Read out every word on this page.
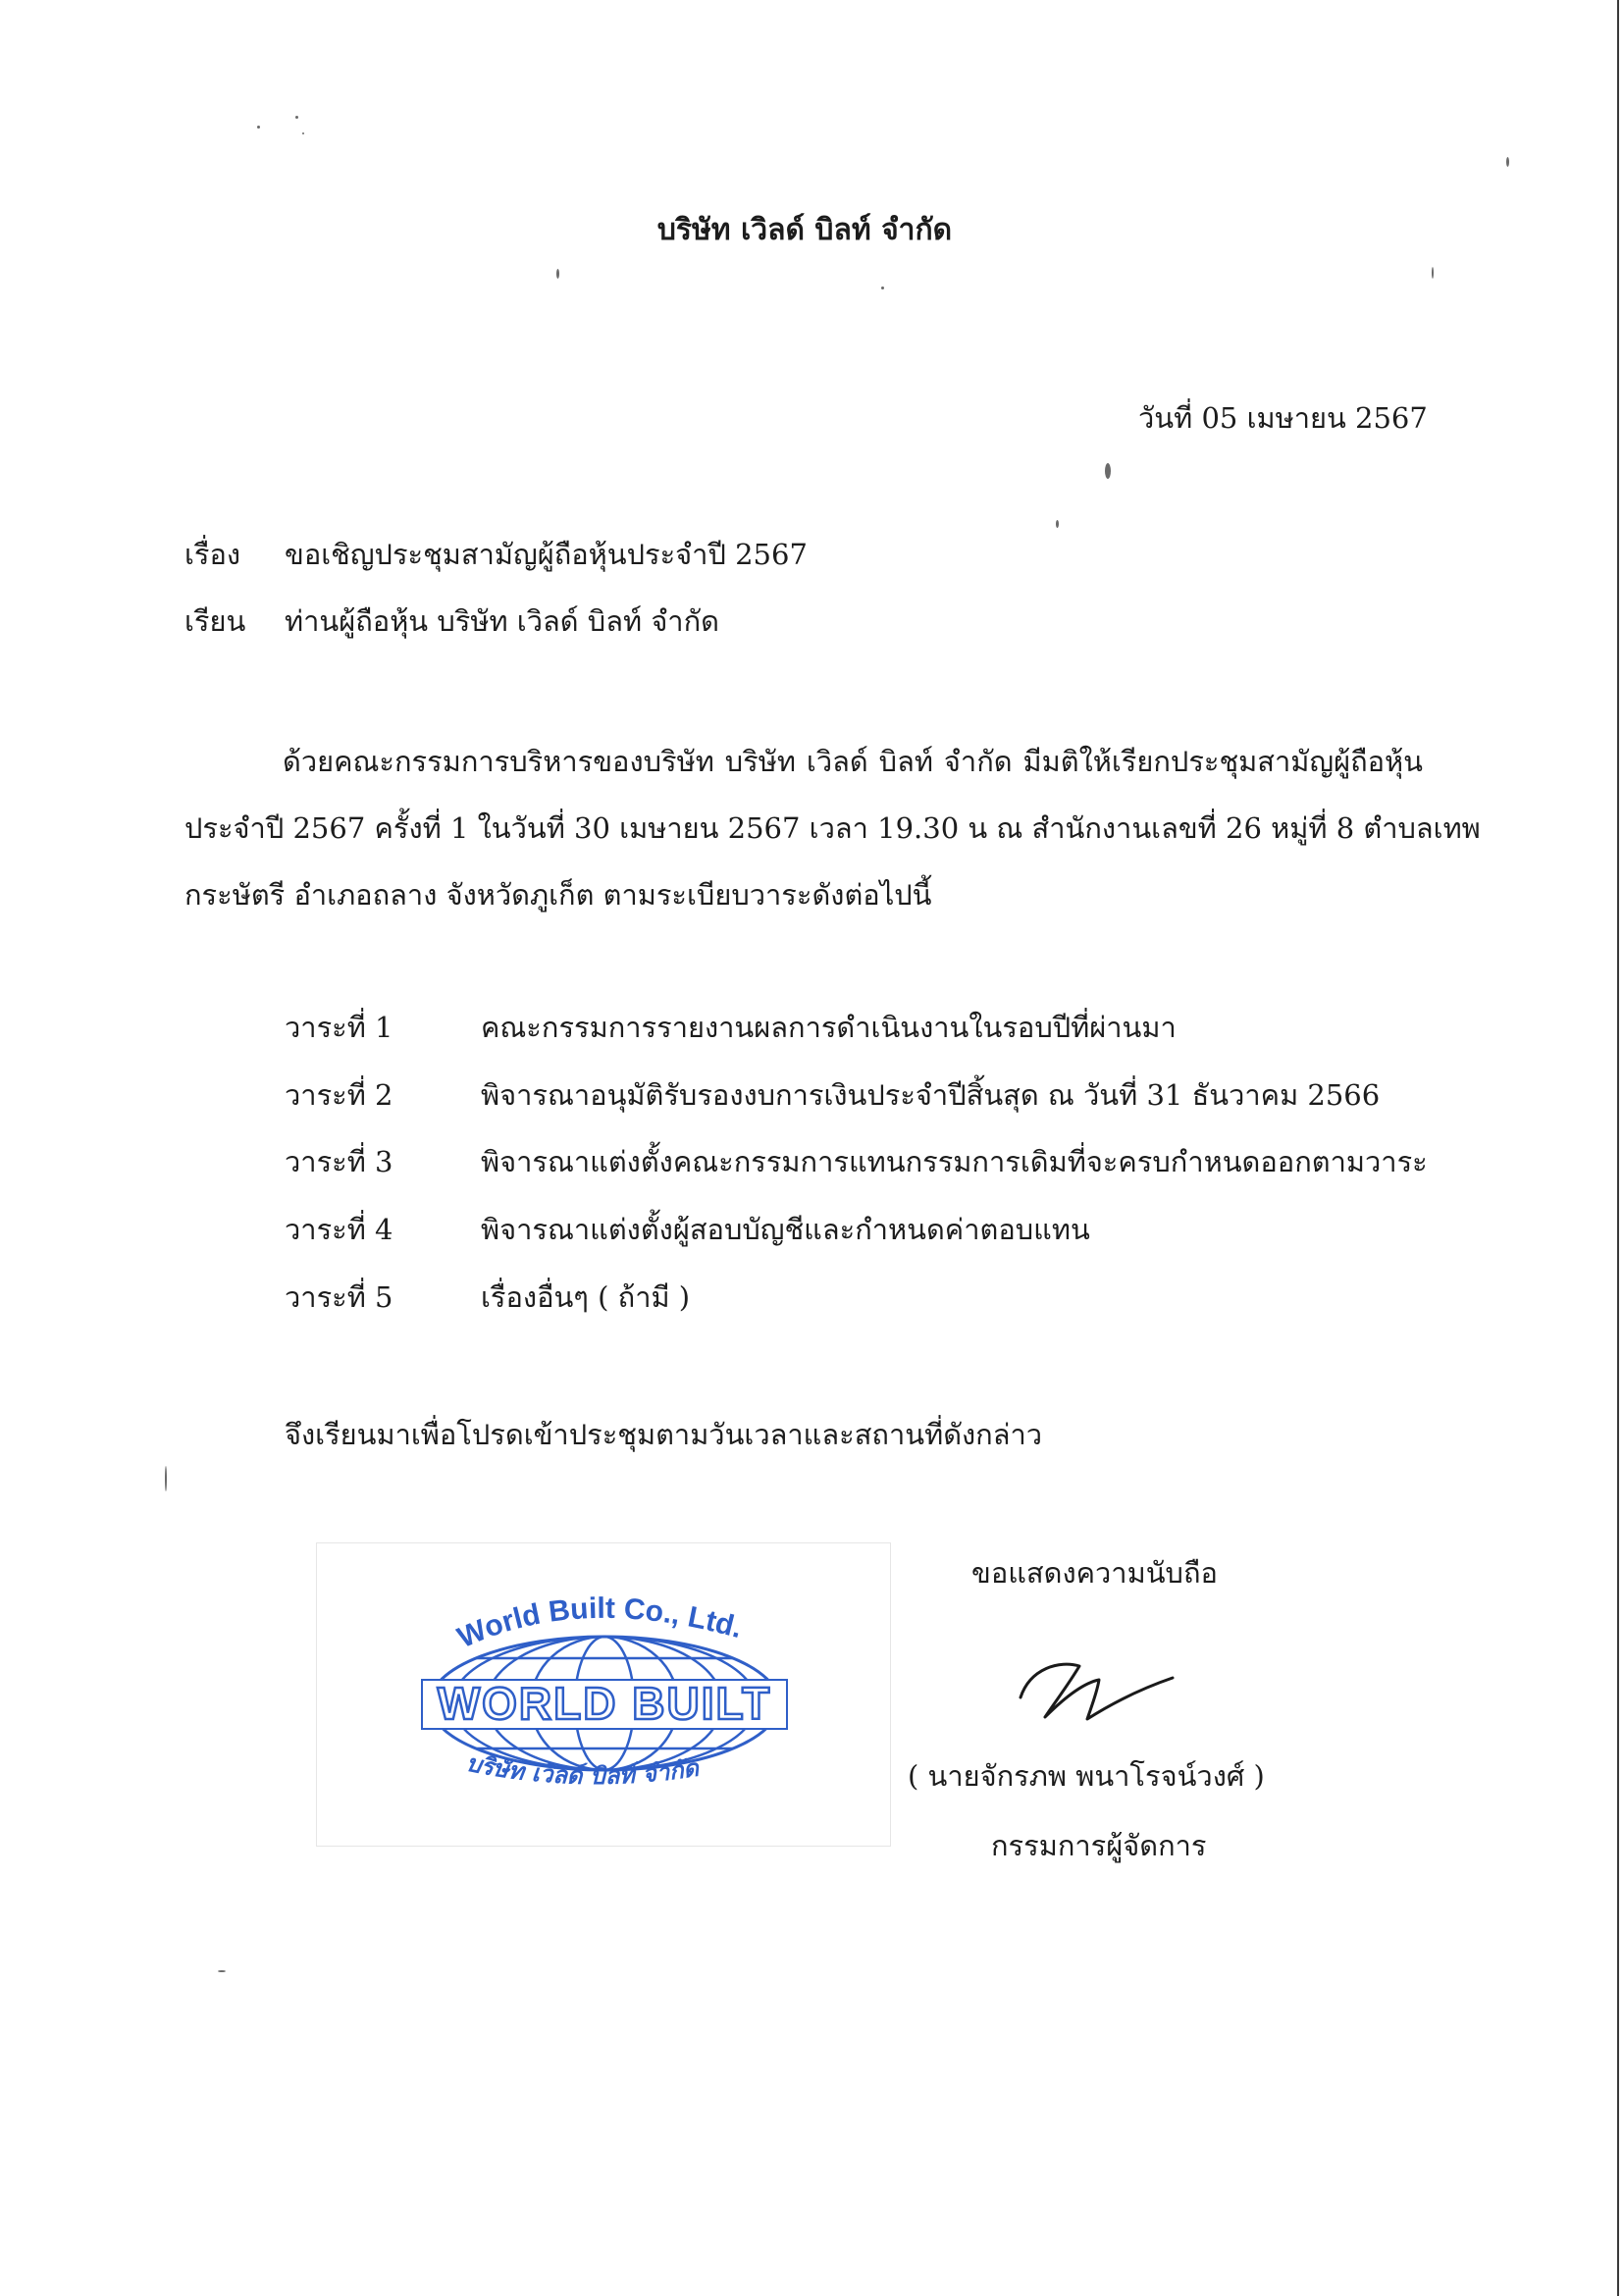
บริษัท เวิลด์ บิลท์ จำกัด
วันที่ 05 เมษายน 2567
เรื่อง ขอเชิญประชุมสามัญผู้ถือหุ้นประจำปี 2567
เรียน ท่านผู้ถือหุ้น บริษัท เวิลด์ บิลท์ จำกัด
ด้วยคณะกรรมการบริหารของบริษัท บริษัท เวิลด์ บิลท์ จำกัด มีมติให้เรียกประชุมสามัญผู้ถือหุ้น
ประจำปี 2567 ครั้งที่ 1 ในวันที่ 30 เมษายน 2567 เวลา 19.30 น ณ สำนักงานเลขที่ 26 หมู่ที่ 8 ตำบลเทพ
กระษัตรี อำเภอถลาง จังหวัดภูเก็ต ตามระเบียบวาระดังต่อไปนี้
วาระที่ 1	คณะกรรมการรายงานผลการดำเนินงานในรอบปีที่ผ่านมา
วาระที่ 2	พิจารณาอนุมัติรับรองงบการเงินประจำปีสิ้นสุด ณ วันที่ 31 ธันวาคม 2566
วาระที่ 3	พิจารณาแต่งตั้งคณะกรรมการแทนกรรมการเดิมที่จะครบกำหนดออกตามวาระ
วาระที่ 4	พิจารณาแต่งตั้งผู้สอบบัญชีและกำหนดค่าตอบแทน
วาระที่ 5	เรื่องอื่นๆ ( ถ้ามี )
จึงเรียนมาเพื่อโปรดเข้าประชุมตามวันเวลาและสถานที่ดังกล่าว
World Built Co., Ltd.
WORLD BUILT
บริษัท เวิลด์ บิลท์ จำกัด
ขอแสดงความนับถือ
( นายจักรภพ พนาโรจน์วงศ์ )
กรรมการผู้จัดการ
